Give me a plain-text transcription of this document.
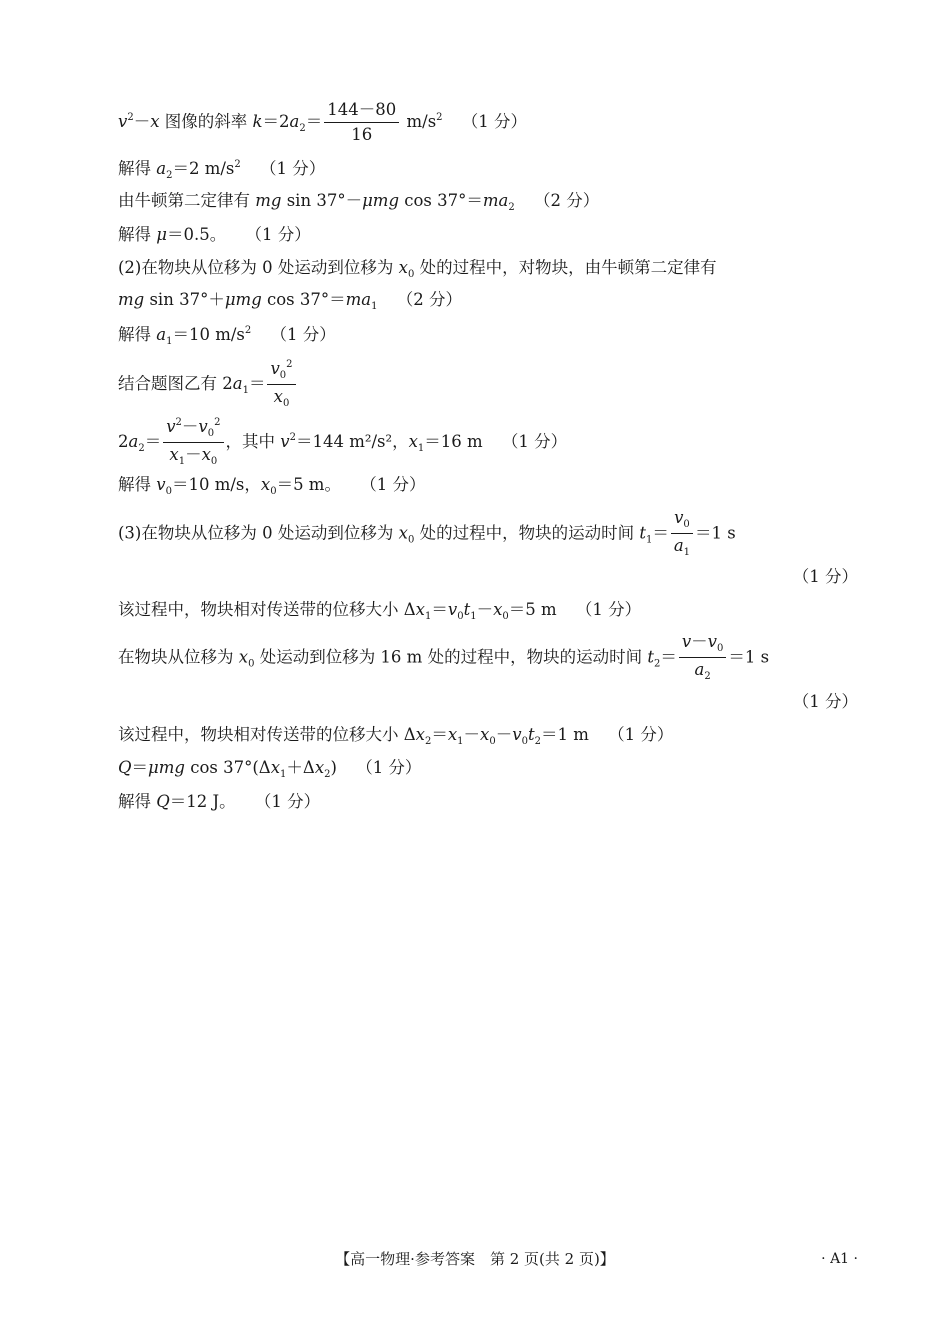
$v^2-x$ 图像的斜率 $k=2a_2= \frac{144-80}{16} m/s^2$ （1 分）
解得 $a_2=2$ $m/s^2$ （1 分）
由牛顿第二定律有 mg sin 37°－μmg $\cos 37^\circ=ma_2$ （2 分）
解得 μ＝0.5。 （1 分）
(2)在物块从位移为 0 处运动到位移为 $x_0$ 处的过程中，对物块，由牛顿第二定律有
mg sin 37°＋μmg $\cos 37^\circ=ma_1$ （2 分）
解得 $a_1=10$ $m/s^2$ （1 分）
结合题图乙有 $2a_1= \frac{v_0^2}{x_0}$
$2a_2= \frac{v^2-v_0^2}{x_1-x_0}$ ，其中 $v^2=144$ m²/s²，$x_1=16$ m （1 分）
解得 $v_0=10$ m/s，$x_0=5$ m。 （1 分）
(3)在物块从位移为 0 处运动到位移为 $x_0$ 处的过程中，物块的运动时间 $t_1= \frac{v_0}{a_1} =1$ s
（1 分）
该过程中，物块相对传送带的位移大小 $\Delta x_1=v_0t_1-x_0=5$ m （1 分）
在物块从位移为 $x_0$ 处运动到位移为 16 m 处的过程中，物块的运动时间 $t_2= \frac{v-v_0}{a_2} =1$ s
（1 分）
该过程中，物块相对传送带的位移大小 $\Delta x_2=x_1-x_0-v_0t_2=1$ m （1 分）
Q＝μmg $\cos 37^\circ(\Delta x_1+\Delta x_2)$ （1 分）
解得 Q＝12 J。 （1 分）
【高一物理·参考答案　第 2 页(共 2 页)】	· A1 ·
